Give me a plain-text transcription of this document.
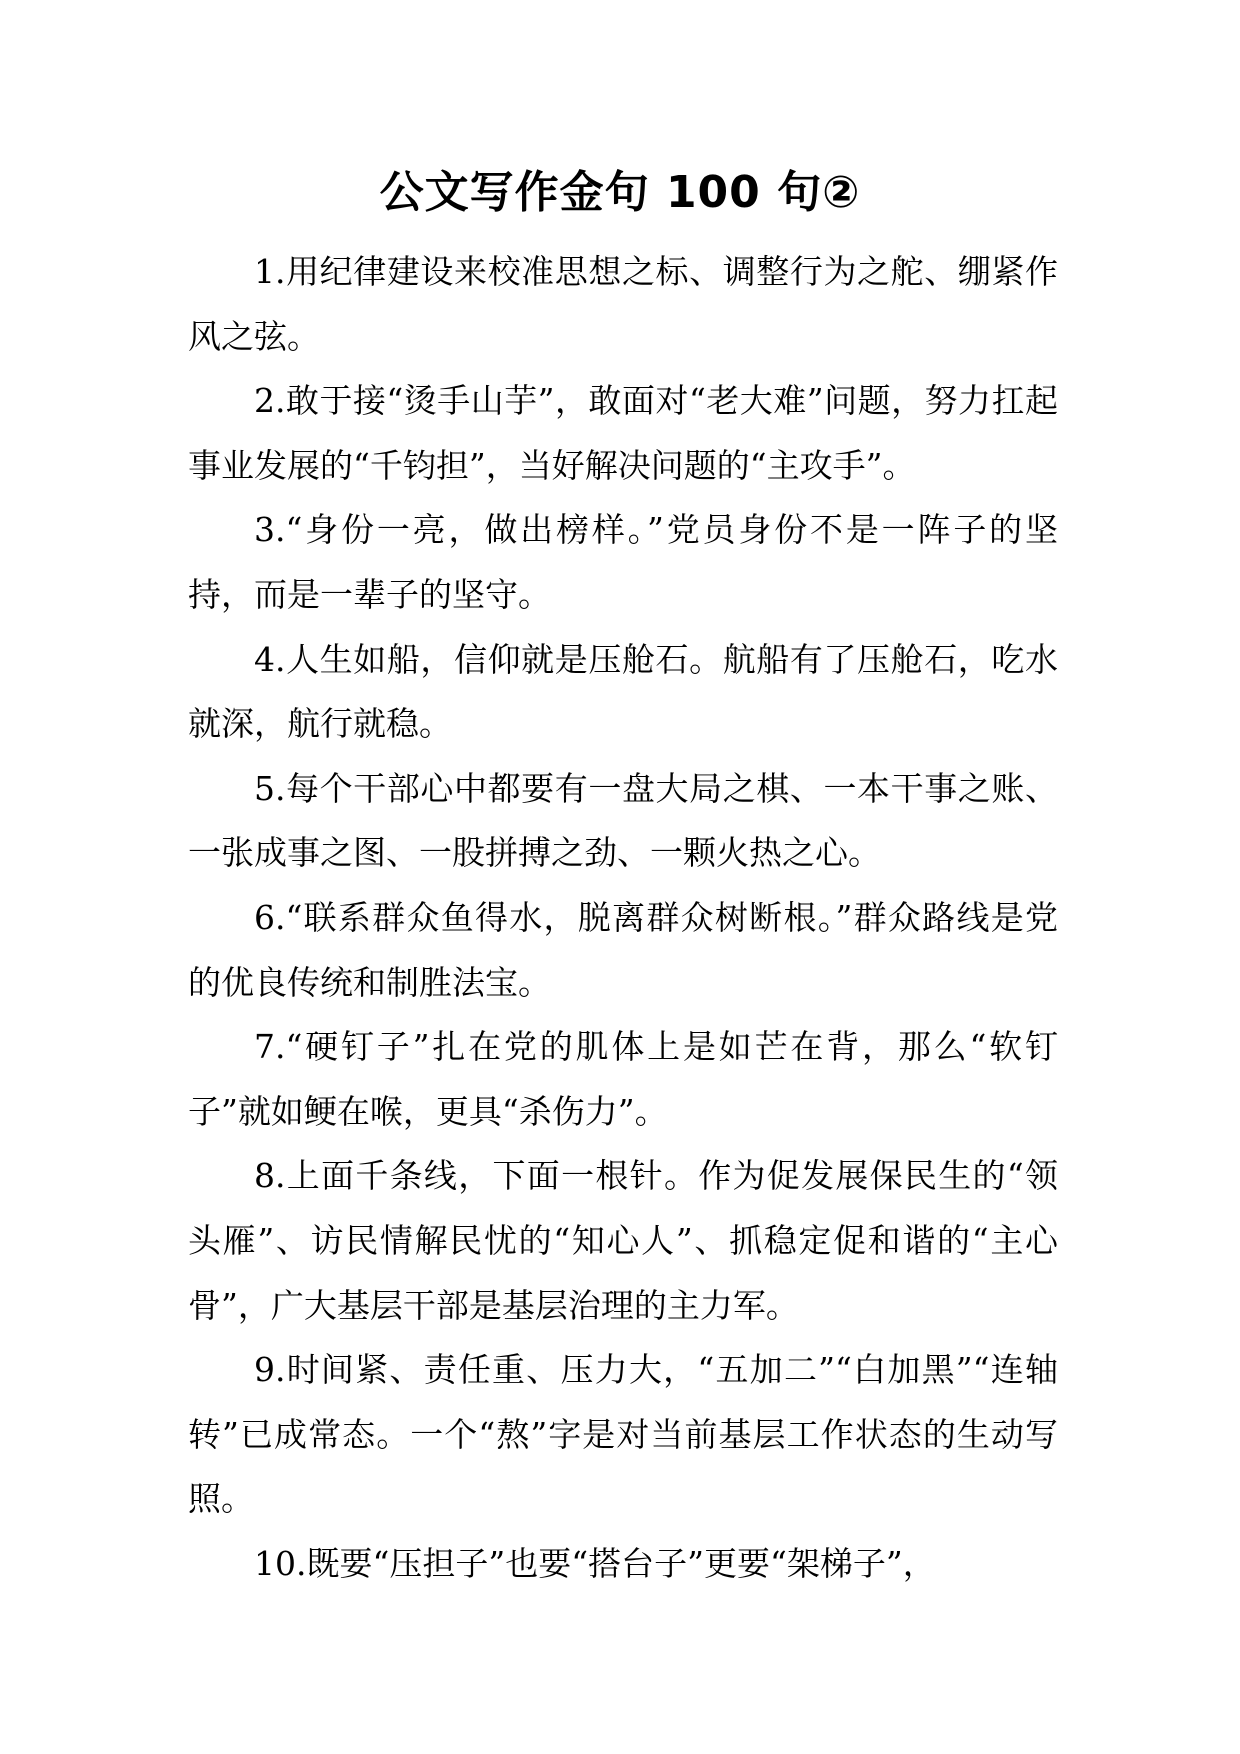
公文写作金句 100 句②

1.用纪律建设来校准思想之标、调整行为之舵、绷紧作风之弦。

2.敢于接“烫手山芋”，敢面对“老大难”问题，努力扛起事业发展的“千钧担”，当好解决问题的“主攻手”。

3.“身份一亮，做出榜样。”党员身份不是一阵子的坚持，而是一辈子的坚守。

4.人生如船，信仰就是压舱石。航船有了压舱石，吃水就深，航行就稳。

5.每个干部心中都要有一盘大局之棋、一本干事之账、一张成事之图、一股拼搏之劲、一颗火热之心。

6.“联系群众鱼得水，脱离群众树断根。”群众路线是党的优良传统和制胜法宝。

7.“硬钉子”扎在党的肌体上是如芒在背，那么“软钉子”就如鲠在喉，更具“杀伤力”。

8.上面千条线，下面一根针。作为促发展保民生的“领头雁”、访民情解民忧的“知心人”、抓稳定促和谐的“主心骨”，广大基层干部是基层治理的主力军。

9.时间紧、责任重、压力大，“五加二”“白加黑”“连轴转”已成常态。一个“熬”字是对当前基层工作状态的生动写照。

10.既要“压担子”也要“搭台子”更要“架梯子”，
